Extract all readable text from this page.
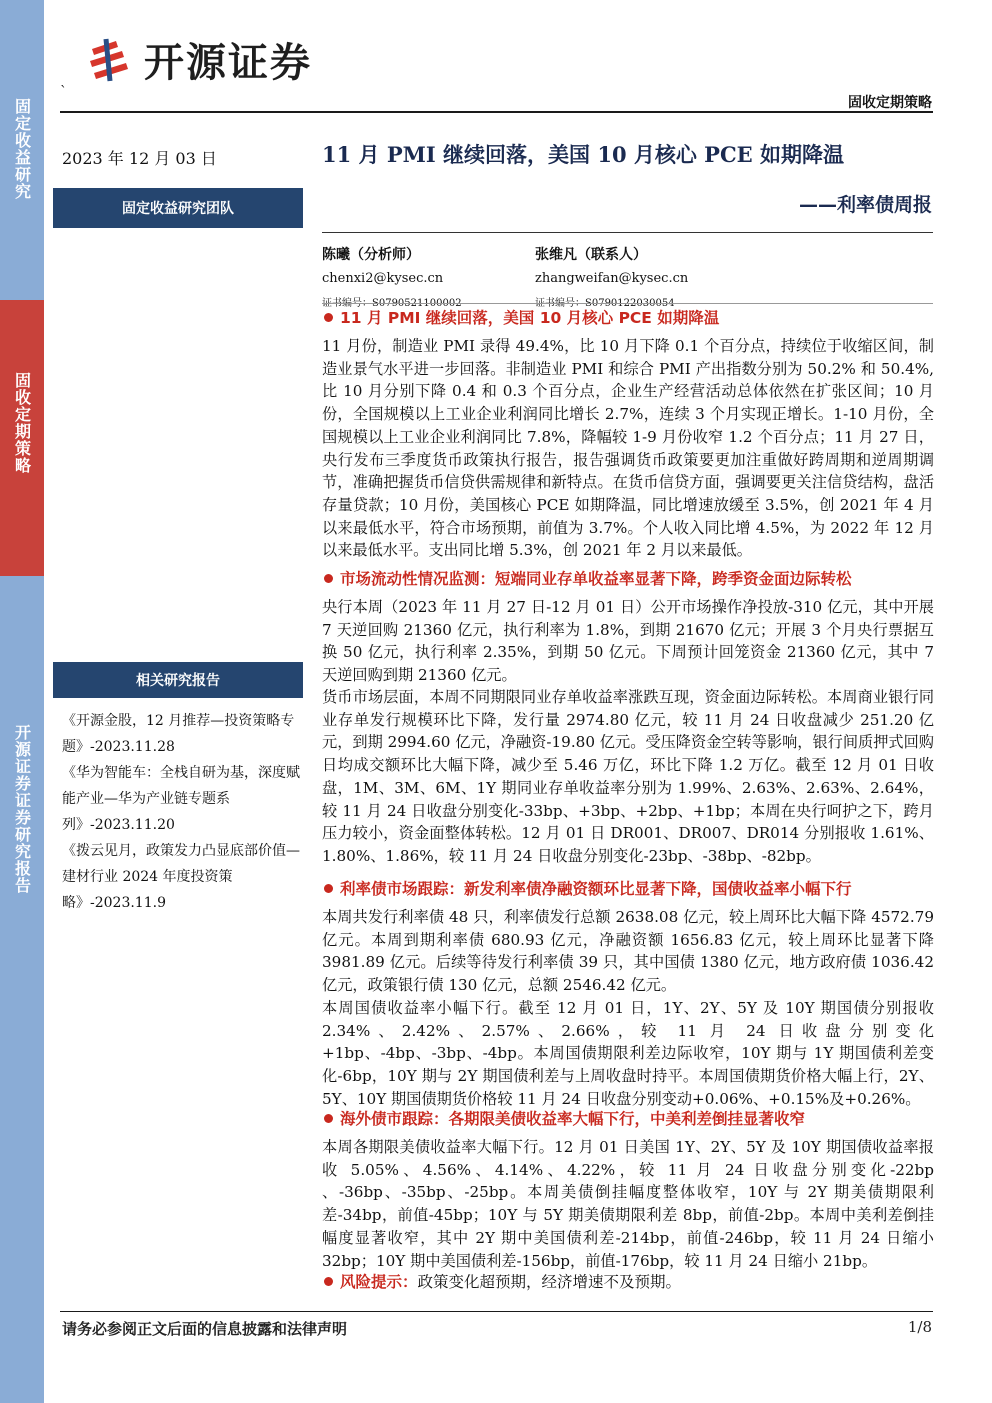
固定收益研究
固收定期策略
开源证券证券研究报告
开源证券
`
固收定期策略
2023 年 12 月 03 日	11 月 PMI 继续回落，美国 10 月核心 PCE 如期降温
固定收益研究团队	——利率债周报
陈曦（分析师）
chenxi2@kysec.cn
张维凡（联系人）
zhangweifan@kysec.cn
11 月 PMI 继续回落，美国 10 月核心 PCE 如期降温
11 月份，制造业 PMI 录得 49.4%，比 10 月下降 0.1 个百分点，持续位于收缩区间，制造业景气水平进一步回落。非制造业 PMI 和综合 PMI 产出指数分别为 50.2% 和 50.4%,比 10 月分别下降 0.4 和 0.3 个百分点，企业生产经营活动总体依然在扩张区间；10 月份，全国规模以上工业企业利润同比增长 2.7%，连续 3 个月实现正增长。1-10 月份，全国规模以上工业企业利润同比 7.8%，降幅较 1-9 月份收窄 1.2 个百分点；11 月 27 日，央行发布三季度货币政策执行报告，报告强调货币政策要更加注重做好跨周期和逆周期调节，准确把握货币信贷供需规律和新特点。在货币信贷方面，强调要更关注信贷结构，盘活存量贷款；10 月份，美国核心 PCE 如期降温，同比增速放缓至 3.5%，创 2021 年 4 月以来最低水平，符合市场预期，前值为 3.7%。个人收入同比增 4.5%，为 2022 年 12 月以来最低水平。支出同比增 5.3%，创 2021 年 2 月以来最低。
市场流动性情况监测： 短端同业存单收益率显著下降，跨季资金面边际转松
央行本周（2023 年 11 月 27 日-12 月 01 日）公开市场操作净投放-310 亿元，其中开展 7 天逆回购 21360 亿元，执行利率为 1.8%，到期 21670 亿元；开展 3 个月央行票据互换 50 亿元，执行利率 2.35%，到期 50 亿元。下周预计回笼资金 21360 亿元，其中 7 天逆回购到期 21360 亿元。
货币市场层面，本周不同期限同业存单收益率涨跌互现，资金面边际转松。本周商业银行同业存单发行规模环比下降，发行量 2974.80 亿元，较 11 月 24 日收盘减少 251.20 亿元，到期 2994.60 亿元，净融资-19.80 亿元。受压降资金空转等影响，银行间质押式回购日均成交额环比大幅下降，减少至 5.46 万亿，环比下降 1.2 万亿。截至 12 月 01 日收盘，1M、3M、6M、1Y 期同业存单收益率分别为 1.99%、2.63%、2.63%、2.64%，较 11 月 24 日收盘分别变化-33bp、+3bp、+2bp、+1bp；本周在央行呵护之下，跨月压力较小，资金面整体转松。12 月 01 日 DR001、DR007、DR014 分别报收 1.61%、1.80%、1.86%，较 11 月 24 日收盘分别变化-23bp、-38bp、-82bp。
利率债市场跟踪： 新发利率债净融资额环比显著下降，国债收益率小幅下行
本周共发行利率债 48 只，利率债发行总额 2638.08 亿元，较上周环比大幅下降 4572.79 亿元。本周到期利率债 680.93 亿元，净融资额 1656.83 亿元，较上周环比显著下降 3981.89 亿元。后续等待发行利率债 39 只，其中国债 1380 亿元，地方政府债 1036.42 亿元，政策银行债 130 亿元，总额 2546.42 亿元。
本周国债收益率小幅下行。截至 12 月 01 日，1Y、2Y、5Y 及 10Y 期国债分别报收 2.34%、2.42%、2.57%、2.66%，较 11 月 24 日收盘分别变化+1bp、-4bp、-3bp、-4bp。本周国债期限利差边际收窄，10Y 期与 1Y 期国债利差变化-6bp，10Y 期与 2Y 期国债利差与上周收盘时持平。本周国债期货价格大幅上行，2Y、5Y、10Y 期国债期货价格较 11 月 24 日收盘分别变动+0.06%、+0.15%及+0.26%。
海外债市跟踪： 各期限美债收益率大幅下行，中美利差倒挂显著收窄
本周各期限美债收益率大幅下行。12 月 01 日美国 1Y、2Y、5Y 及 10Y 期国债收益率报收 5.05%、4.56%、4.14%、4.22%，较 11 月 24 日收盘分别变化-22bp 、-36bp、-35bp、-25bp。本周美债倒挂幅度整体收窄，10Y 与 2Y 期美债期限利差-34bp，前值-45bp；10Y 与 5Y 期美债期限利差 8bp，前值-2bp。本周中美利差倒挂幅度显著收窄，其中 2Y 期中美国债利差-214bp，前值-246bp，较 11 月 24 日缩小 32bp；10Y 期中美国债利差-156bp，前值-176bp，较 11 月 24 日缩小 21bp。
风险提示： 政策变化超预期，经济增速不及预期。
相关研究报告
《开源金股，12 月推荐—投资策略专题》-2023.11.28
《华为智能车：全栈自研为基，深度赋能产业—华为产业链专题系列》-2023.11.20
《拨云见月，政策发力凸显底部价值—建材行业 2024 年度投资策略》-2023.11.9
请务必参阅正文后面的信息披露和法律声明	1/8
